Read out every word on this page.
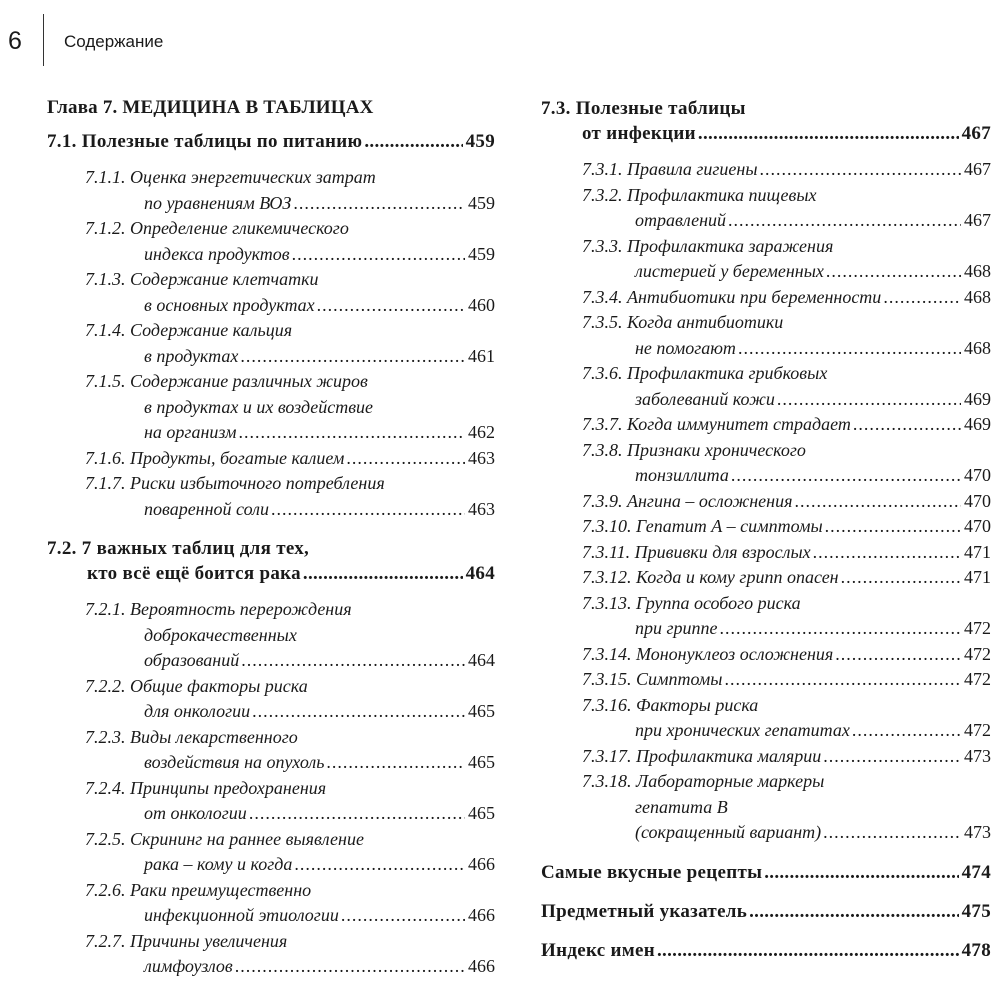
6 Содержание
Глава 7. МЕДИЦИНА В ТАБЛИЦАХ
7.1. Полезные таблицы по питанию .....	459
7.1.1. Оценка энергетических затрат
по уравнениям ВОЗ .....	459
7.1.2. Определение гликемического
индекса продуктов .....	459
7.1.3. Содержание клетчатки
в основных продуктах .....	460
7.1.4. Содержание кальция
в продуктах .....	461
7.1.5. Содержание различных жиров
в продуктах и их воздействие
на организм .....	462
7.1.6. Продукты, богатые калием .....	463
7.1.7. Риски избыточного потребления
поваренной соли .....	463
7.2. 7 важных таблиц для тех,
кто всё ещё боится рака .....	464
7.2.1. Вероятность перерождения
доброкачественных
образований .....	464
7.2.2. Общие факторы риска
для онкологии .....	465
7.2.3. Виды лекарственного
воздействия на опухоль .....	465
7.2.4. Принципы предохранения
от онкологии .....	465
7.2.5. Скрининг на раннее выявление
рака – кому и когда .....	466
7.2.6. Раки преимущественно
инфекционной этиологии .....	466
7.2.7. Причины увеличения
лимфоузлов .....	466
7.3. Полезные таблицы
от инфекции .....	467
7.3.1. Правила гигиены .....	467
7.3.2. Профилактика пищевых
отравлений .....	467
7.3.3. Профилактика заражения
листерией у беременных .....	468
7.3.4. Антибиотики при беременности .....	468
7.3.5. Когда антибиотики
не помогают .....	468
7.3.6. Профилактика грибковых
заболеваний кожи .....	469
7.3.7. Когда иммунитет страдает .....	469
7.3.8. Признаки хронического
тонзиллита .....	470
7.3.9. Ангина – осложнения .....	470
7.3.10. Гепатит А – симптомы .....	470
7.3.11. Прививки для взрослых .....	471
7.3.12. Когда и кому грипп опасен .....	471
7.3.13. Группа особого риска
при гриппе .....	472
7.3.14. Мононуклеоз осложнения .....	472
7.3.15. Симптомы .....	472
7.3.16. Факторы риска
при хронических гепатитах .....	472
7.3.17. Профилактика малярии .....	473
7.3.18. Лабораторные маркеры
гепатита В
(сокращенный вариант) .....	473
Самые вкусные рецепты .....	474
Предметный указатель .....	475
Индекс имен .....	478
